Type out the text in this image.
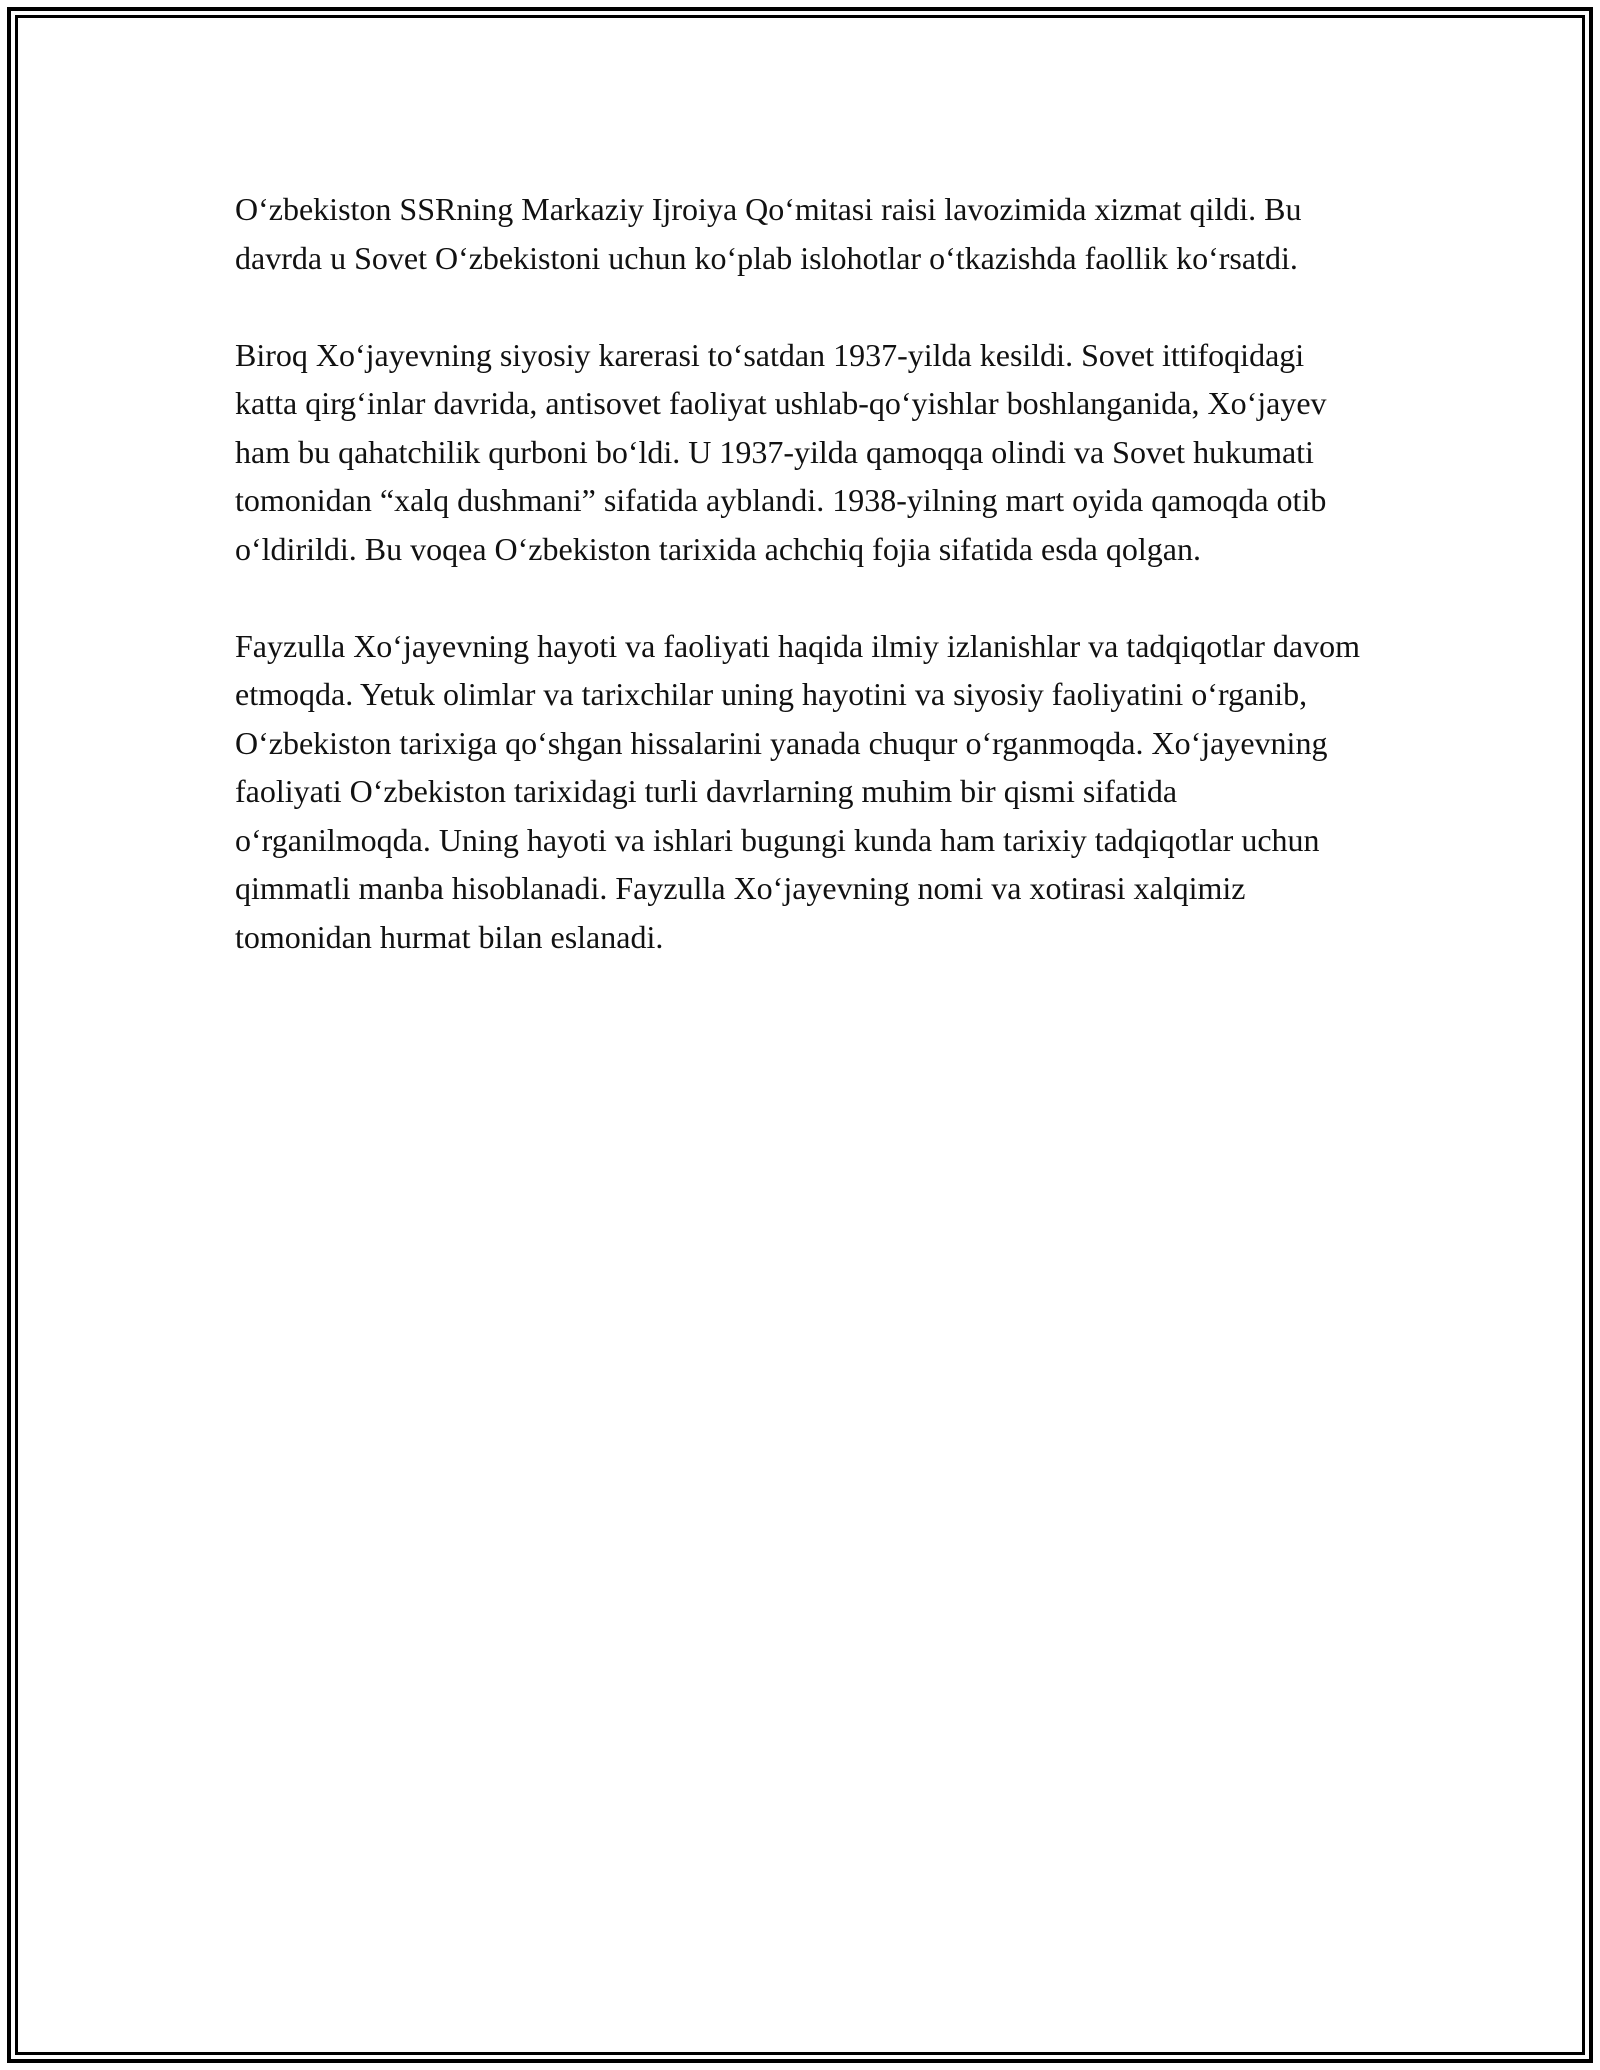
O‘zbekiston SSRning Markaziy Ijroiya Qo‘mitasi raisi lavozimida xizmat qildi. Bu davrda u Sovet O‘zbekistoni uchun ko‘plab islohotlar o‘tkazishda faollik ko‘rsatdi.

Biroq Xo‘jayevning siyosiy karerasi to‘satdan 1937-yilda kesildi. Sovet ittifoqidagi katta qirg‘inlar davrida, antisovet faoliyat ushlab-qo‘yishlar boshlanganida, Xo‘jayev ham bu qahatchilik qurboni bo‘ldi. U 1937-yilda qamoqqa olindi va Sovet hukumati tomonidan “xalq dushmani” sifatida ayblandi. 1938-yilning mart oyida qamoqda otib o‘ldirildi. Bu voqea O‘zbekiston tarixida achchiq fojia sifatida esda qolgan.

Fayzulla Xo‘jayevning hayoti va faoliyati haqida ilmiy izlanishlar va tadqiqotlar davom etmoqda. Yetuk olimlar va tarixchilar uning hayotini va siyosiy faoliyatini o‘rganib, O‘zbekiston tarixiga qo‘shgan hissalarini yanada chuqur o‘rganmoqda. Xo‘jayevning faoliyati O‘zbekiston tarixidagi turli davrlarning muhim bir qismi sifatida o‘rganilmoqda. Uning hayoti va ishlari bugungi kunda ham tarixiy tadqiqotlar uchun qimmatli manba hisoblanadi. Fayzulla Xo‘jayevning nomi va xotirasi xalqimiz tomonidan hurmat bilan eslanadi.
